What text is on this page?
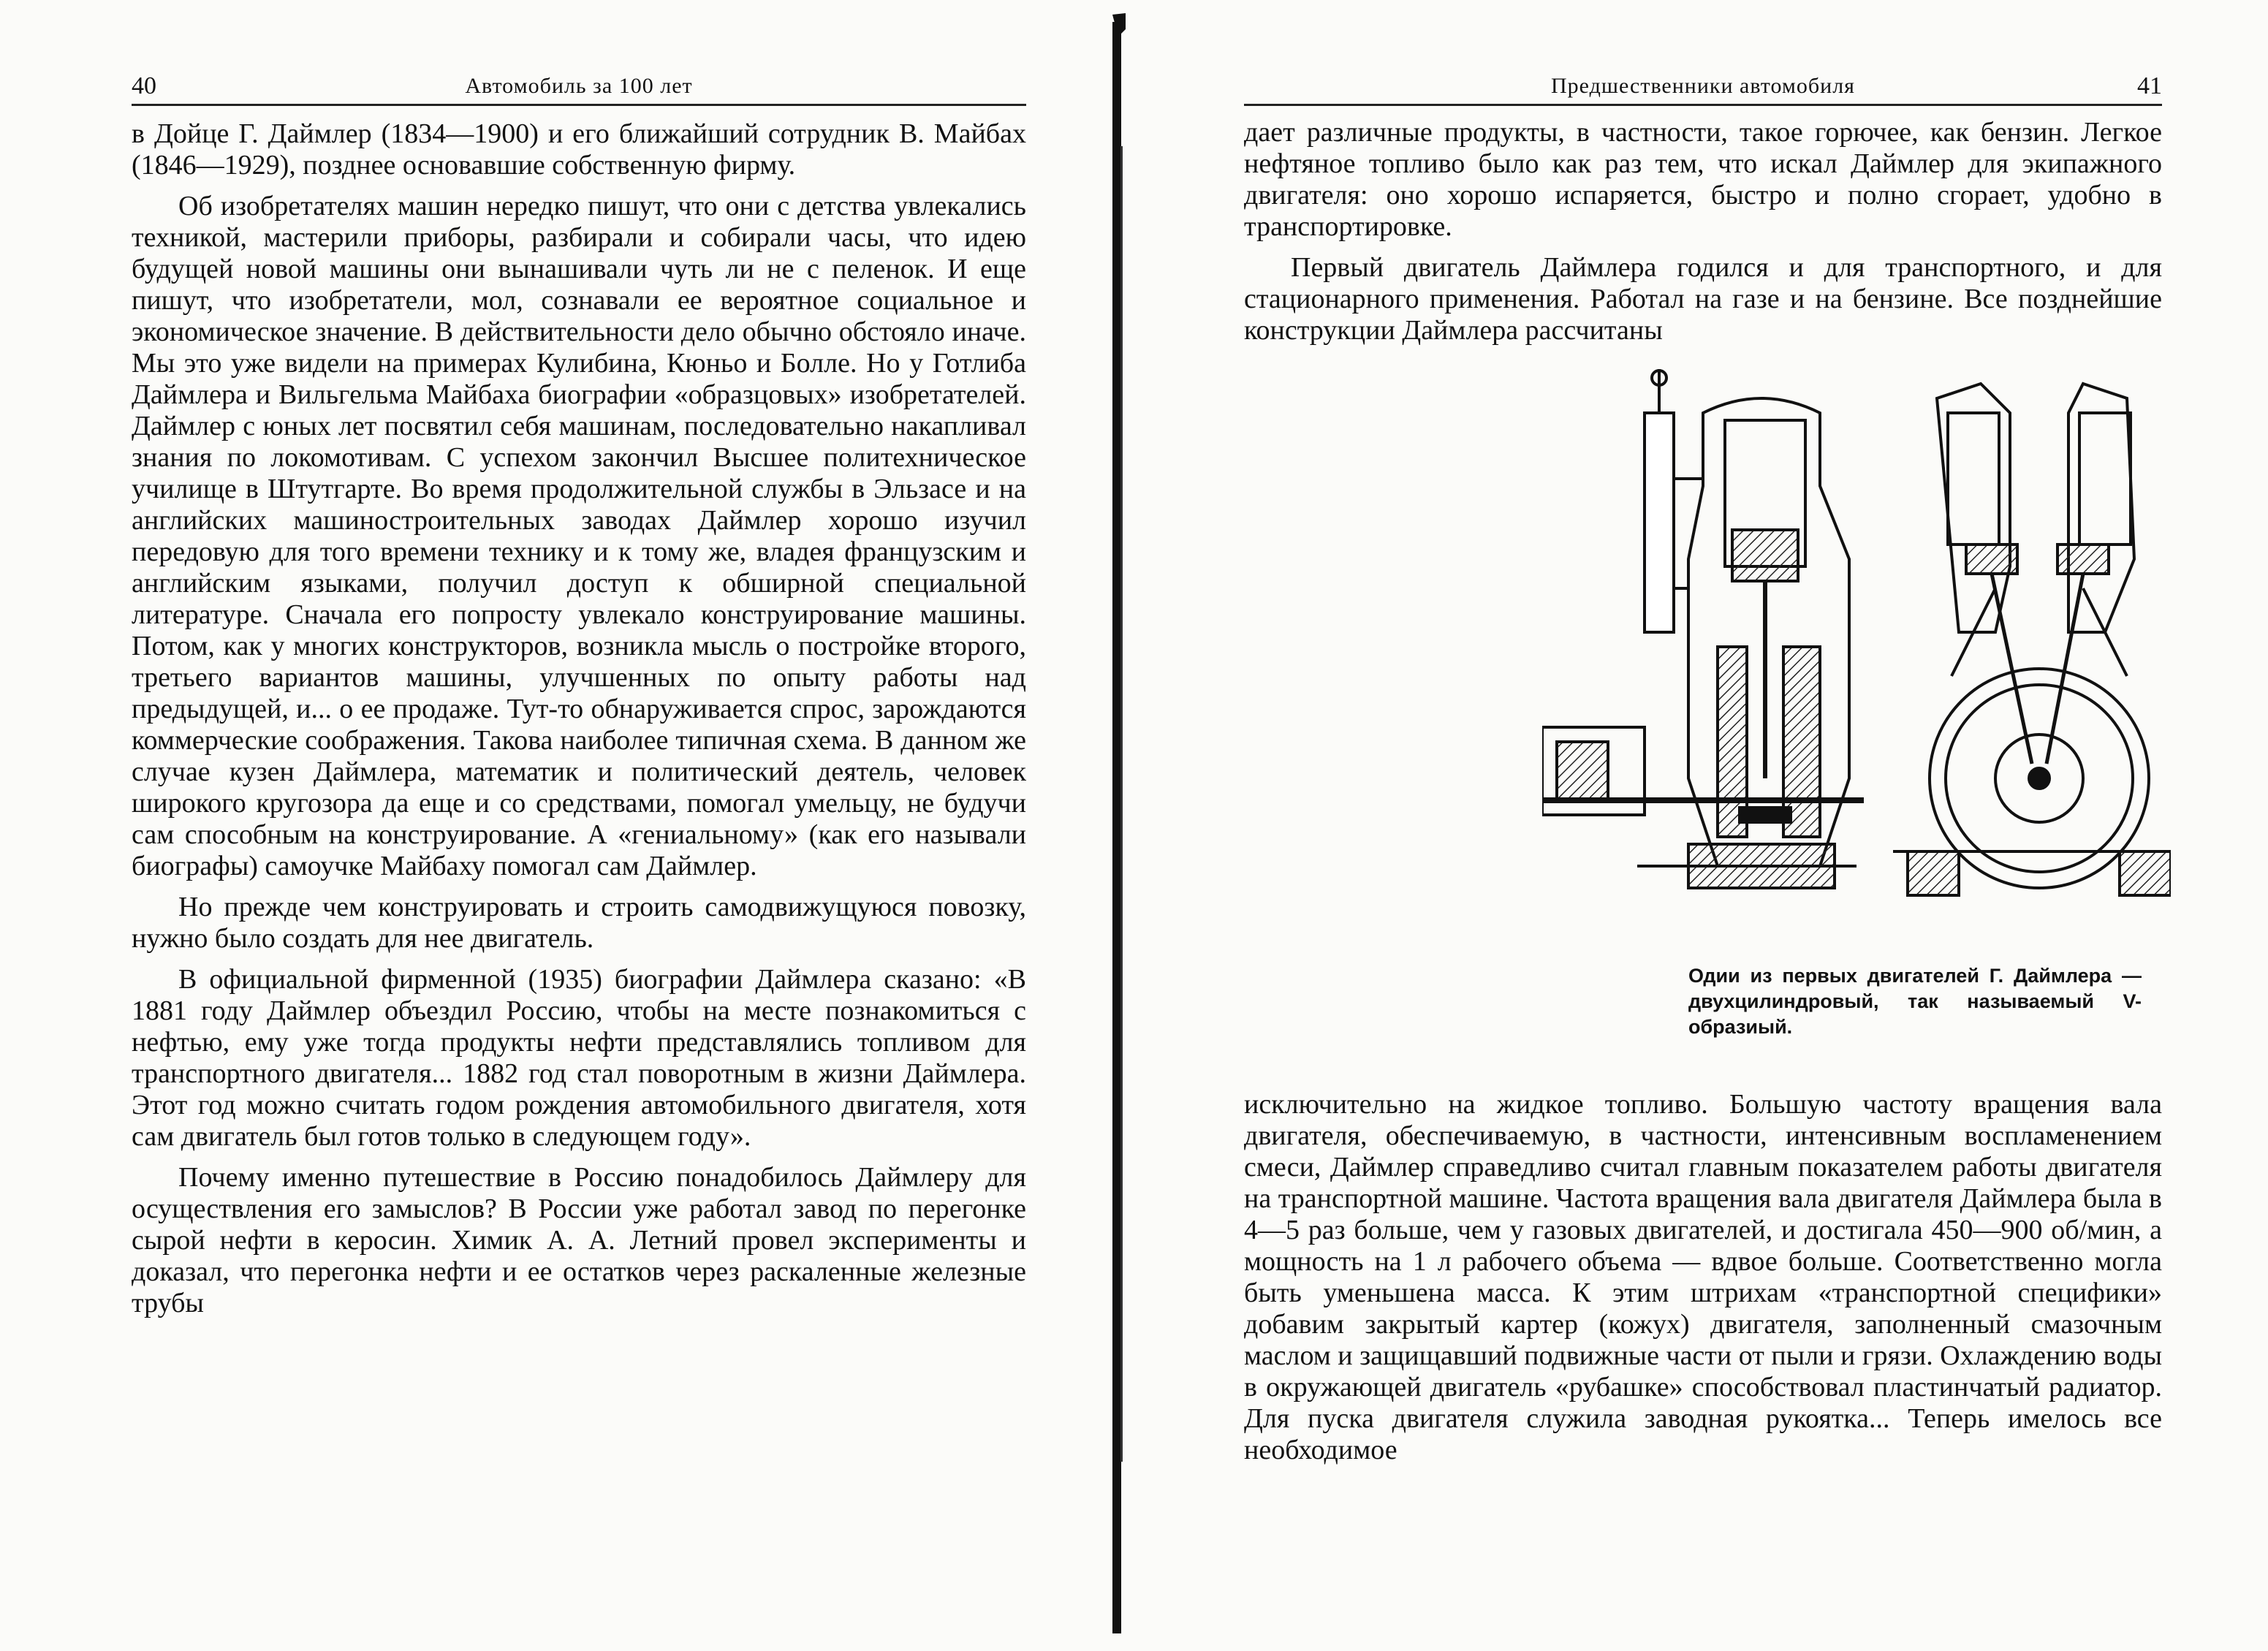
40	Автомобиль за 100 лет

в Дойце Г. Даймлер (1834—1900) и его ближайший сотрудник В. Майбах (1846—1929), позднее основавшие собственную фирму.

Об изобретателях машин нередко пишут, что они с детства увлекались техникой, мастерили приборы, разбирали и собирали часы, что идею будущей новой машины они вынашивали чуть ли не с пеленок. И еще пишут, что изобретатели, мол, сознавали ее вероятное социальное и экономическое значение. В действительности дело обычно обстояло иначе. Мы это уже видели на примерах Кулибина, Кюньо и Болле. Но у Готлиба Даймлера и Вильгельма Майбаха биографии «образцовых» изобретателей. Даймлер с юных лет посвятил себя машинам, последовательно накапливал знания по локомотивам. С успехом закончил Высшее политехническое училище в Штутгарте. Во время продолжительной службы в Эльзасе и на английских машиностроительных заводах Даймлер хорошо изучил передовую для того времени технику и к тому же, владея французским и английским языками, получил доступ к обширной специальной литературе. Сначала его попросту увлекало конструирование машины. Потом, как у многих конструкторов, возникла мысль о постройке второго, третьего вариантов машины, улучшенных по опыту работы над предыдущей, и... о ее продаже. Тут-то обнаруживается спрос, зарождаются коммерческие соображения. Такова наиболее типичная схема. В данном же случае кузен Даймлера, математик и политический деятель, человек широкого кругозора да еще и со средствами, помогал умельцу, не будучи сам способным на конструирование. А «гениальному» (как его называли биографы) самоучке Майбаху помогал сам Даймлер.

Но прежде чем конструировать и строить самодвижущуюся повозку, нужно было создать для нее двигатель.

В официальной фирменной (1935) биографии Даймлера сказано: «В 1881 году Даймлер объездил Россию, чтобы на месте познакомиться с нефтью, ему уже тогда продукты нефти представлялись топливом для транспортного двигателя... 1882 год стал поворотным в жизни Даймлера. Этот год можно считать годом рождения автомобильного двигателя, хотя сам двигатель был готов только в следующем году».

Почему именно путешествие в Россию понадобилось Даймлеру для осуществления его замыслов? В России уже работал завод по перегонке сырой нефти в керосин. Химик А. А. Летний провел эксперименты и доказал, что перегонка нефти и ее остатков через раскаленные железные трубы

Предшественники автомобиля	41

дает различные продукты, в частности, такое горючее, как бензин. Легкое нефтяное топливо было как раз тем, что искал Даймлер для экипажного двигателя: оно хорошо испаряется, быстро и полно сгорает, удобно в транспортировке.

Первый двигатель Даймлера годился и для транспортного, и для стационарного применения. Работал на газе и на бензине. Все позднейшие конструкции Даймлера рассчитаны

Одии из первых двигателей Г. Даймлера — двухцилиндровый, так называемый V-образиый.

исключительно на жидкое топливо. Большую частоту вращения вала двигателя, обеспечиваемую, в частности, интенсивным воспламенением смеси, Даймлер справедливо считал главным показателем работы двигателя на транспортной машине. Частота вращения вала двигателя Даймлера была в 4—5 раз больше, чем у газовых двигателей, и достигала 450—900 об/мин, а мощность на 1 л рабочего объема — вдвое больше. Соответственно могла быть уменьшена масса. К этим штрихам «транспортной специфики» добавим закрытый картер (кожух) двигателя, заполненный смазочным маслом и защищавший подвижные части от пыли и грязи. Охлаждению воды в окружающей двигатель «рубашке» способствовал пластинчатый радиатор. Для пуска двигателя служила заводная рукоятка... Теперь имелось все необходимое
